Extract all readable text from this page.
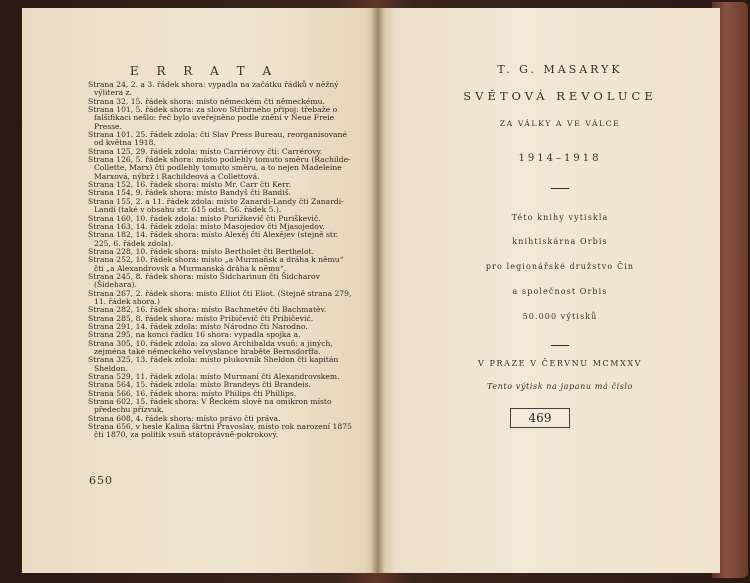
E R R A T A
Strana 24, 2. a 3. řádek shora: vypadla na začátku řádků v něžný výlitera z.
Strana 32, 15. řádek shora: místo německém čti německému.
Strana 101, 5. řádek shora: za slovo Střibrného připoj: třebaže o falšifikaci nešlo: řeč bylo uveřejněno podle znění v Neue Freie Presse.
Strana 101, 25. řádek zdola: čti Slav Press Bureau, reorganisované od května 1918.
Strana 125, 29. řádek zdola: místo Carriérovy čti: Carrérovy.
Strana 126, 5. řádek shora: místo podlehly tomuto směru (Rachilde-Collette, Marx) čti podlehly tomuto směru, a to nejen Madeleine Marxová, nýbrž i Rachildeová a Collettová.
Strana 152, 16. řádek shora: místo Mr. Carr čti Kerr.
Strana 154, 9. řádek shora: místo Bandyš čti Bandiš.
Strana 155, 2. a 11. řádek zdola: místo Zanardi-Landy čti Zanardi-Landi (také v obsahu str. 615 odst. 56. řádek 5.).
Strana 160, 10. řádek zdola: místo Purižkevič čti Puriškevič.
Strana 163, 14. řádek zdola: místo Masojedov čti Mjasojedov.
Strana 182, 14. řádek shora: místo Alexěj čti Alexějev (stejně str. 225, 6. řádek zdola).
Strana 228, 10. řádek shora: místo Bertholet čti Berthelot.
Strana 252, 10. řádek shora: místo „a Murmaňsk a dráha k němu“ čti „a Alexandrovsk a Murmanská dráha k němu“.
Strana 245, 8. řádek shora: místo Šidcharinun čti Šidcharov (Šidehara).
Strana 267, 2. řádek shora: místo Elliot čti Eliot. (Stejně strana 279, 11. řádek shora.)
Strana 282, 16. řádek shora: místo Bachmetěv čti Bachmatěv.
Strana 285, 8. řádek shora: místo Pribičevič čti Pribičević.
Strana 291, 14. řádek zdola: místo Národno čti Narodno.
Strana 295, na konci řádku 16 shora: vypadla spojka a.
Strana 305, 10. řádek zdola: za slovo Archibalda vsuň: a jiných, zejména také německého velvyslance hraběte Bernsdorffa.
Strana 325, 13. řádek zdola: místo plukovník Sheldon čti kapitán Sheldon.
Strana 529, 11. řádek zdola: místo Murmaní čti Alexandrovskem.
Strana 564, 15. řádek zdola: místo Brandeys čti Brandeis.
Strana 566, 16. řádek shora: místo Philips čti Phillips.
Strana 602, 15. řádek shora: V Řeckém slově na omikron místo předechu přízvuk.
Strana 608, 4. řádek shora: místo právo čti práva.
Strana 656, v hesle Kalina škrtni Pravoslav, místo rok narození 1875 čti 1870, za politik vsuň státoprávně-pokrokový.
650
T. G. MASARYK
SVĚTOVÁ REVOLUCE
ZA VÁLKY A VE VÁLCE
1914–1918
Této knihy vytiskla
knihtiskárna Orbis
pro legionářské družstvo Čin
a společnost Orbis
50.000 výtisků
V PRAZE V ČERVNU MCMXXV
Tento výtisk na japanu má číslo
469
